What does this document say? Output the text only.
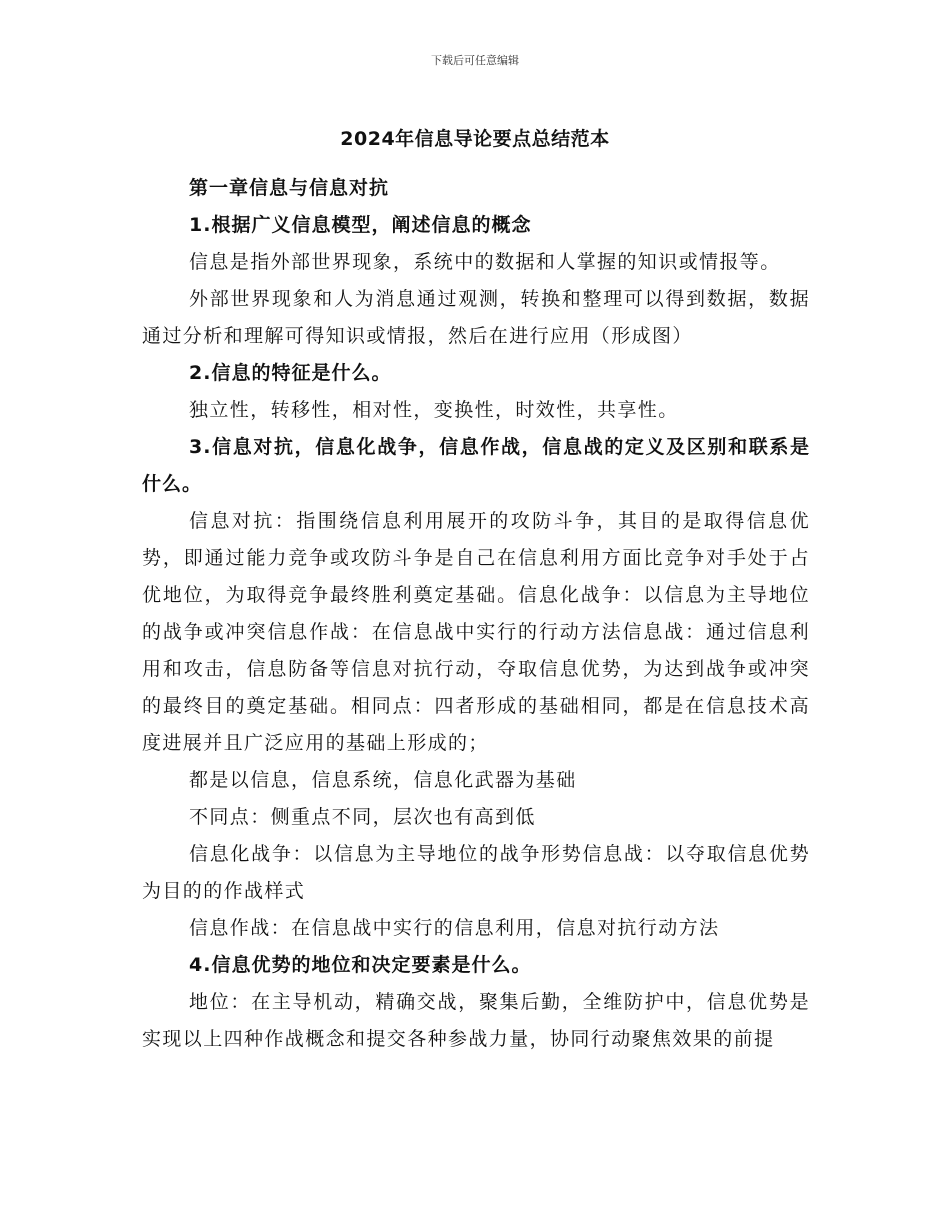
下载后可任意编辑
2024年信息导论要点总结范本

第一章信息与信息对抗

1.根据广义信息模型，阐述信息的概念

信息是指外部世界现象，系统中的数据和人掌握的知识或情报等。

外部世界现象和人为消息通过观测，转换和整理可以得到数据，数据通过分析和理解可得知识或情报，然后在进行应用（形成图）

2.信息的特征是什么。

独立性，转移性，相对性，变换性，时效性，共享性。

3.信息对抗，信息化战争，信息作战，信息战的定义及区别和联系是什么。

信息对抗：指围绕信息利用展开的攻防斗争，其目的是取得信息优势，即通过能力竞争或攻防斗争是自己在信息利用方面比竞争对手处于占优地位，为取得竞争最终胜利奠定基础。信息化战争：以信息为主导地位的战争或冲突信息作战：在信息战中实行的行动方法信息战：通过信息利用和攻击，信息防备等信息对抗行动，夺取信息优势，为达到战争或冲突的最终目的奠定基础。相同点：四者形成的基础相同，都是在信息技术高度进展并且广泛应用的基础上形成的；

都是以信息，信息系统，信息化武器为基础

不同点：侧重点不同，层次也有高到低

信息化战争：以信息为主导地位的战争形势信息战：以夺取信息优势为目的的作战样式

信息作战：在信息战中实行的信息利用，信息对抗行动方法

4.信息优势的地位和决定要素是什么。

地位：在主导机动，精确交战，聚集后勤，全维防护中，信息优势是实现以上四种作战概念和提交各种参战力量，协同行动聚焦效果的前提
